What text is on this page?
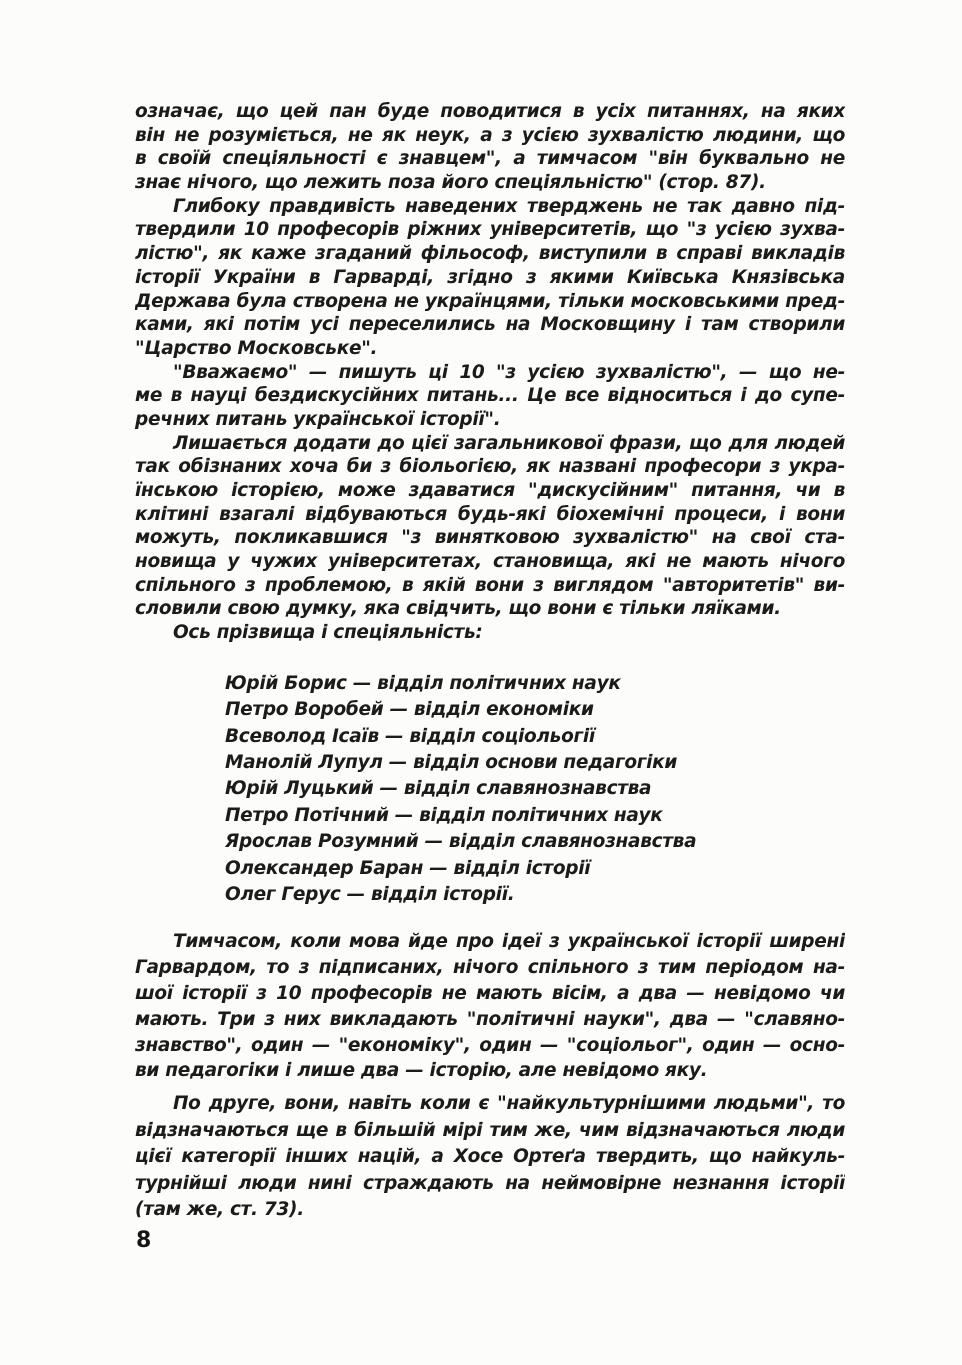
означає, що цей пан буде поводитися в усіх питаннях, на яких
він не розуміється, не як неук, а з усією зухвалістю людини, що
в своїй спеціяльності є знавцем", а тимчасом "він буквально не
знає нічого, що лежить поза його спеціяльністю" (стор. 87).
Глибоку правдивість наведених тверджень не так давно під-
твердили 10 професорів ріжних університетів, що "з усією зухва-
лістю", як каже згаданий фільософ, виступили в справі викладів
історії України в Гарварді, згідно з якими Київська Князівська
Держава була створена не українцями, тільки московськими пред-
ками, які потім усі переселились на Московщину і там створили
"Царство Московське".
"Вважаємо" — пишуть ці 10 "з усією зухвалістю", — що не-
ме в науці бездискусійних питань... Це все відноситься і до супе-
речних питань української історії".
Лишається додати до цієї загальникової фрази, що для людей
так обізнаних хоча би з біольогією, як названі професори з укра-
їнською історією, може здаватися "дискусійним" питання, чи в
клітині взагалі відбуваються будь-які біохемічні процеси, і вони
можуть, покликавшися "з винятковою зухвалістю" на свої ста-
новища у чужих університетах, становища, які не мають нічого
спільного з проблемою, в якій вони з виглядом "авторитетів" ви-
словили свою думку, яка свідчить, що вони є тільки ляїками.
Ось прізвища і спеціяльність:
Юрій Борис — відділ політичних наук
Петро Воробей — відділ економіки
Всеволод Ісаїв — відділ соціольогії
Манолій Лупул — відділ основи педагогіки
Юрій Луцький — відділ славянознавства
Петро Потічний — відділ політичних наук
Ярослав Розумний — відділ славянознавства
Олександер Баран — відділ історії
Олег Герус — відділ історії.
Тимчасом, коли мова йде про ідеї з української історії ширені
Гарвардом, то з підписаних, нічого спільного з тим періодом на-
шої історії з 10 професорів не мають вісім, а два — невідомо чи
мають. Три з них викладають "політичні науки", два — "славяно-
знавство", один — "економіку", один — "соціольог", один — осно-
ви педагогіки і лише два — історію, але невідомо яку.
По друге, вони, навіть коли є "найкультурнішими людьми", то
відзначаються ще в більшій мірі тим же, чим відзначаються люди
цієї категорії інших націй, а Хосе Ортеґа твердить, що найкуль-
турнійші люди нині страждають на неймовірне незнання історії
(там же, ст. 73).
8
